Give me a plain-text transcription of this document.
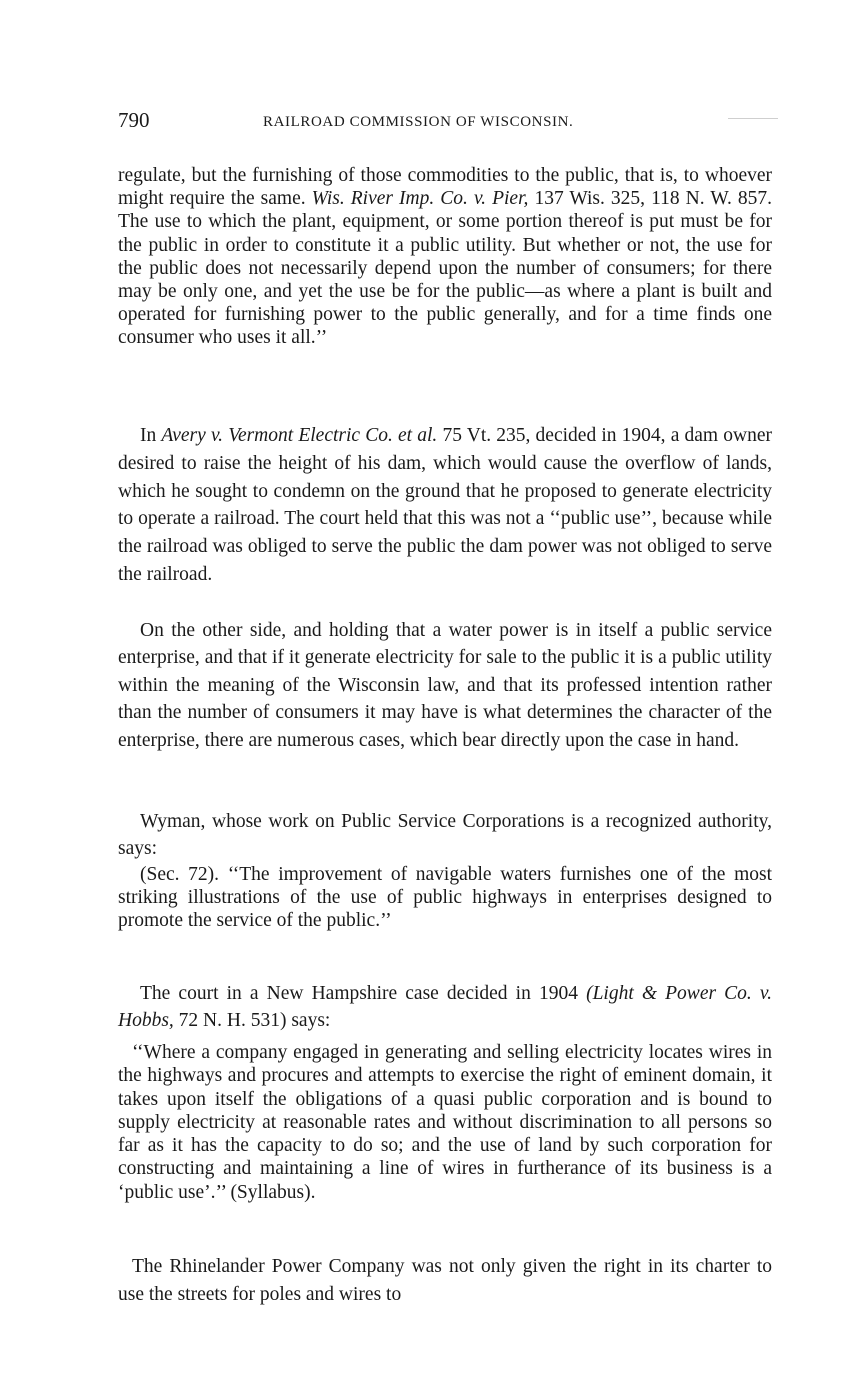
790	RAILROAD COMMISSION OF WISCONSIN.

regulate, but the furnishing of those commodities to the public, that is, to whoever might require the same. Wis. River Imp. Co. v. Pier, 137 Wis. 325, 118 N. W. 857. The use to which the plant, equipment, or some portion thereof is put must be for the public in order to constitute it a public utility. But whether or not, the use for the public does not necessarily depend upon the number of consumers; for there may be only one, and yet the use be for the public—as where a plant is built and operated for furnishing power to the public generally, and for a time finds one consumer who uses it all.’’

In Avery v. Vermont Electric Co. et al. 75 Vt. 235, decided in 1904, a dam owner desired to raise the height of his dam, which would cause the overflow of lands, which he sought to condemn on the ground that he proposed to generate electricity to operate a railroad. The court held that this was not a ‘‘public use’’, because while the railroad was obliged to serve the public the dam power was not obliged to serve the railroad.

On the other side, and holding that a water power is in itself a public service enterprise, and that if it generate electricity for sale to the public it is a public utility within the meaning of the Wisconsin law, and that its professed intention rather than the number of consumers it may have is what determines the character of the enterprise, there are numerous cases, which bear directly upon the case in hand.

Wyman, whose work on Public Service Corporations is a recognized authority, says:

(Sec. 72). ‘‘The improvement of navigable waters furnishes one of the most striking illustrations of the use of public highways in enterprises designed to promote the service of the public.’’

The court in a New Hampshire case decided in 1904 (Light & Power Co. v. Hobbs, 72 N. H. 531) says:

‘‘Where a company engaged in generating and selling electricity locates wires in the highways and procures and attempts to exercise the right of eminent domain, it takes upon itself the obligations of a quasi public corporation and is bound to supply electricity at reasonable rates and without discrimination to all persons so far as it has the capacity to do so; and the use of land by such corporation for constructing and maintaining a line of wires in furtherance of its business is a ‘public use’.’’ (Syllabus).

The Rhinelander Power Company was not only given the right in its charter to use the streets for poles and wires to
